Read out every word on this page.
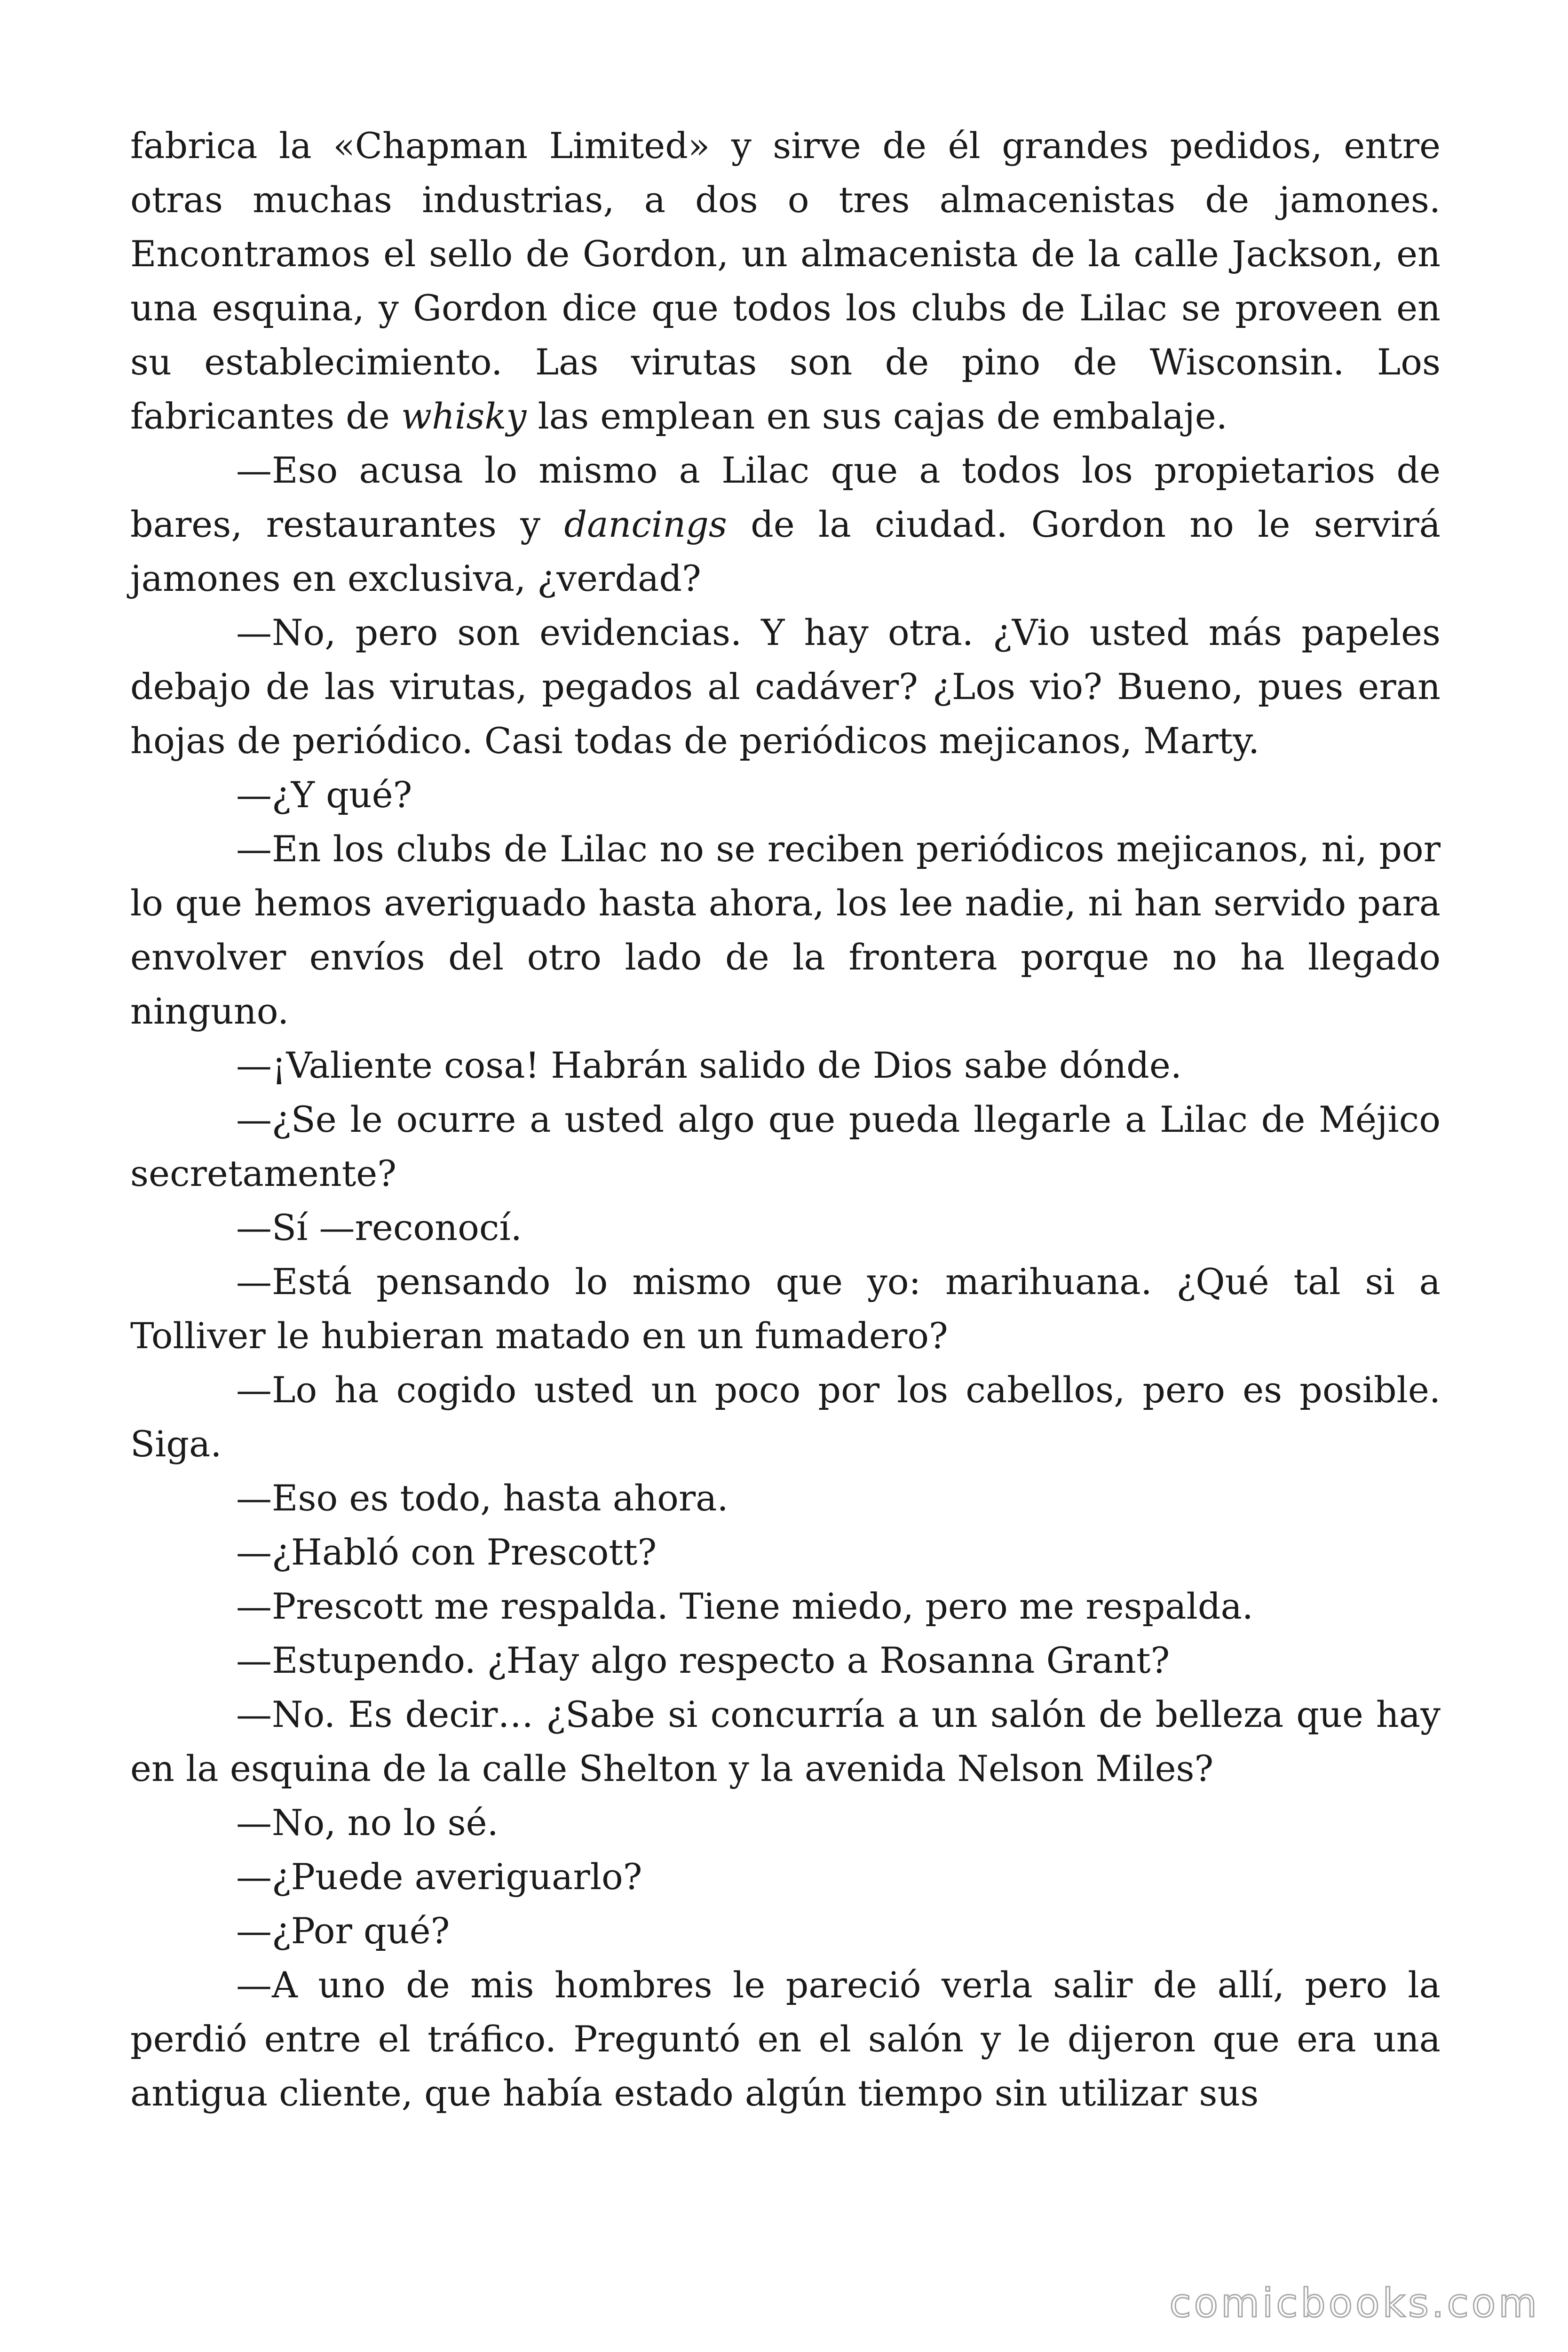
fabrica la «Chapman Limited» y sirve de él grandes pedidos, entre otras muchas industrias, a dos o tres almacenistas de jamones. Encontramos el sello de Gordon, un almacenista de la calle Jackson, en una esquina, y Gordon dice que todos los clubs de Lilac se proveen en su establecimiento. Las virutas son de pino de Wisconsin. Los fabricantes de whisky las emplean en sus cajas de embalaje.

—Eso acusa lo mismo a Lilac que a todos los propietarios de bares, restaurantes y dancings de la ciudad. Gordon no le servirá jamones en exclusiva, ¿verdad?

—No, pero son evidencias. Y hay otra. ¿Vio usted más papeles debajo de las virutas, pegados al cadáver? ¿Los vio? Bueno, pues eran hojas de periódico. Casi todas de periódicos mejicanos, Marty.

—¿Y qué?

—En los clubs de Lilac no se reciben periódicos mejicanos, ni, por lo que hemos averiguado hasta ahora, los lee nadie, ni han servido para envolver envíos del otro lado de la frontera porque no ha llegado ninguno.

—¡Valiente cosa! Habrán salido de Dios sabe dónde.

—¿Se le ocurre a usted algo que pueda llegarle a Lilac de Méjico secretamente?

—Sí —reconocí.

—Está pensando lo mismo que yo: marihuana. ¿Qué tal si a Tolliver le hubieran matado en un fumadero?

—Lo ha cogido usted un poco por los cabellos, pero es posible. Siga.

—Eso es todo, hasta ahora.

—¿Habló con Prescott?

—Prescott me respalda. Tiene miedo, pero me respalda.

—Estupendo. ¿Hay algo respecto a Rosanna Grant?

—No. Es decir… ¿Sabe si concurría a un salón de belleza que hay en la esquina de la calle Shelton y la avenida Nelson Miles?

—No, no lo sé.

—¿Puede averiguarlo?

—¿Por qué?

—A uno de mis hombres le pareció verla salir de allí, pero la perdió entre el tráfico. Preguntó en el salón y le dijeron que era una antigua cliente, que había estado algún tiempo sin utilizar sus

comicbooks.com
